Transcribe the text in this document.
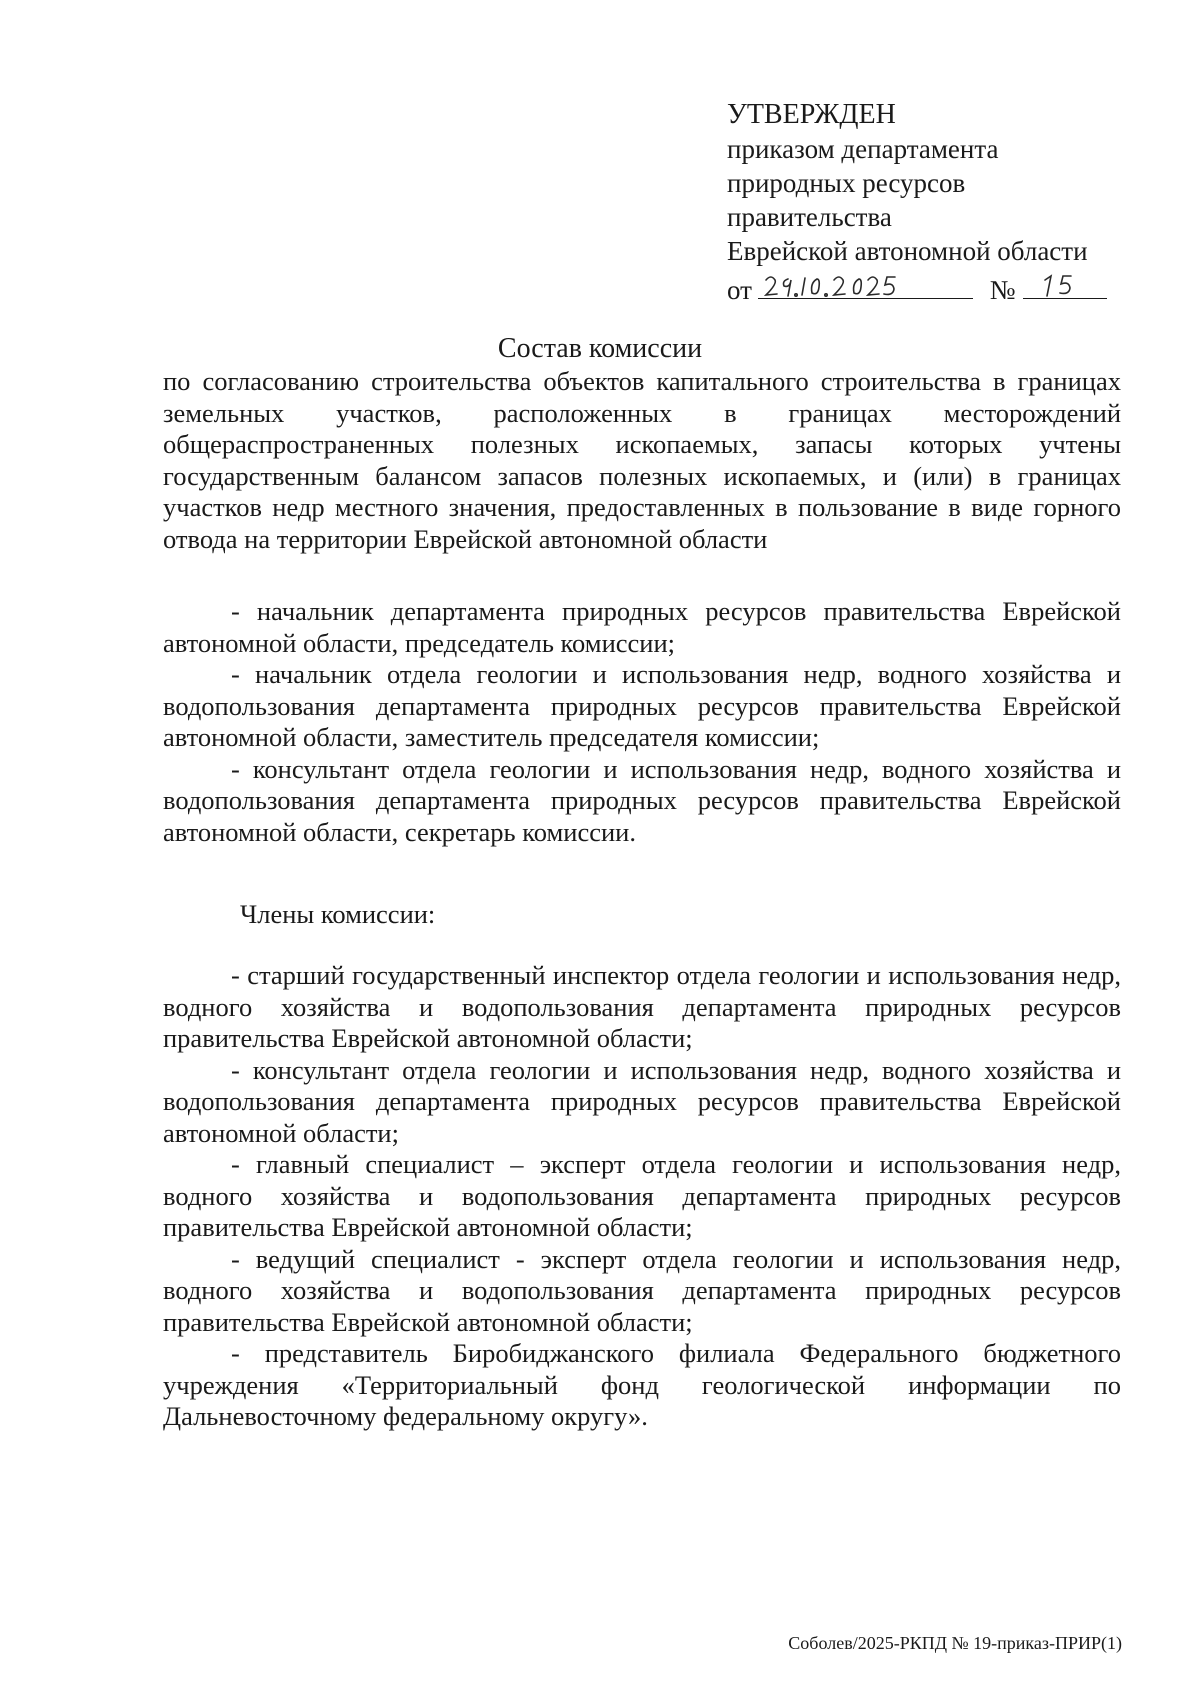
УТВЕРЖДЕН
приказом департамента
природных ресурсов
правительства
Еврейской автономной области
от	№
Состав комиссии
по согласованию строительства объектов капитального строительства в границах земельных участков, расположенных в границах месторождений общераспространенных полезных ископаемых, запасы которых учтены государственным балансом запасов полезных ископаемых, и (или) в границах участков недр местного значения, предоставленных в пользование в виде горного отвода на территории Еврейской автономной области

- начальник департамента природных ресурсов правительства Еврейской автономной области, председатель комиссии;

- начальник отдела геологии и использования недр, водного хозяйства и водопользования департамента природных ресурсов правительства Еврейской автономной области, заместитель председателя комиссии;

- консультант отдела геологии и использования недр, водного хозяйства и водопользования департамента природных ресурсов правительства Еврейской автономной области, секретарь комиссии.

Члены комиссии:

- старший государственный инспектор отдела геологии и использования недр, водного хозяйства и водопользования департамента природных ресурсов правительства Еврейской автономной области;

- консультант отдела геологии и использования недр, водного хозяйства и водопользования департамента природных ресурсов правительства Еврейской автономной области;

- главный специалист – эксперт отдела геологии и использования недр, водного хозяйства и водопользования департамента природных ресурсов правительства Еврейской автономной области;

- ведущий специалист - эксперт отдела геологии и использования недр, водного хозяйства и водопользования департамента природных ресурсов правительства Еврейской автономной области;

- представитель Биробиджанского филиала Федерального бюджетного учреждения «Территориальный фонд геологической информации по Дальневосточному федеральному округу».

Соболев/2025-РКПД № 19-приказ-ПРИР(1)
